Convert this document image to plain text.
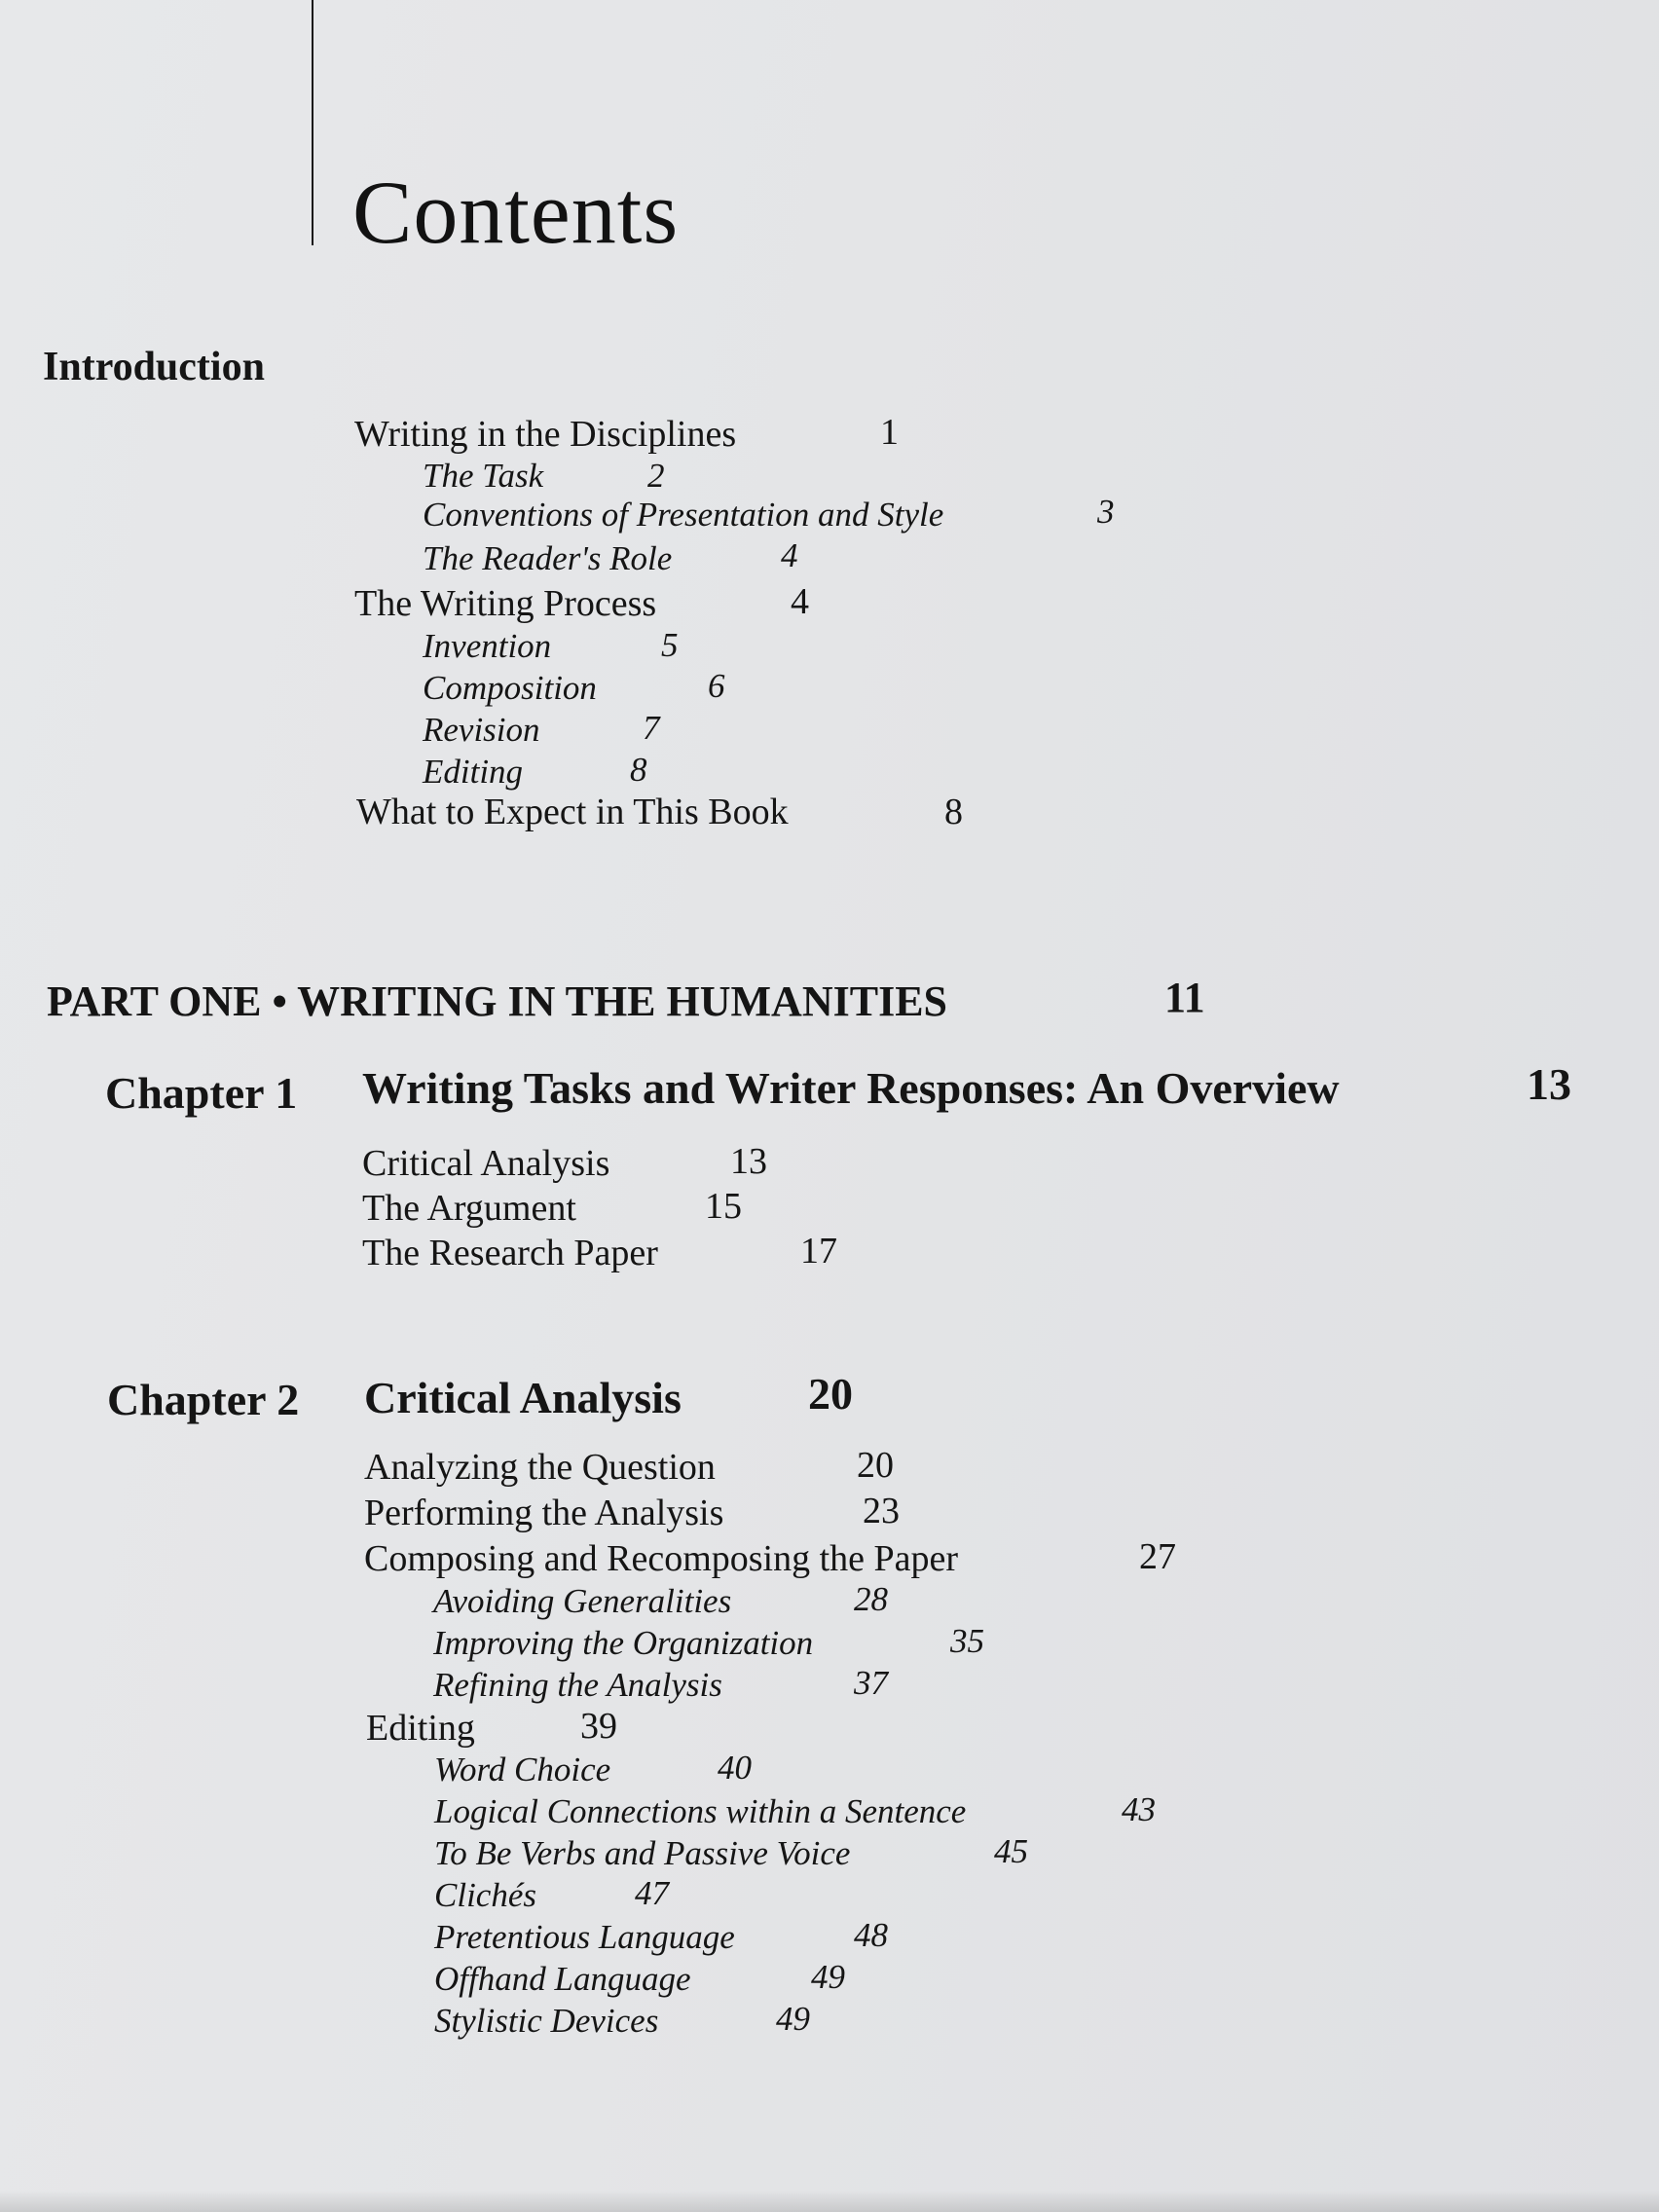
Contents
Introduction
Writing in the Disciplines	1
The Task	2
Conventions of Presentation and Style	3
The Reader's Role	4
The Writing Process	4
Invention	5
Composition	6
Revision	7
Editing	8
What to Expect in This Book	8
PART ONE • WRITING IN THE HUMANITIES	11
Chapter 1 Writing Tasks and Writer Responses: An Overview	13
Critical Analysis	13
The Argument	15
The Research Paper	17
Chapter 2 Critical Analysis	20
Analyzing the Question	20
Performing the Analysis	23
Composing and Recomposing the Paper	27
Avoiding Generalities	28
Improving the Organization	35
Refining the Analysis	37
Editing	39
Word Choice	40
Logical Connections within a Sentence	43
To Be Verbs and Passive Voice	45
Clichés	47
Pretentious Language	48
Offhand Language	49
Stylistic Devices	49
